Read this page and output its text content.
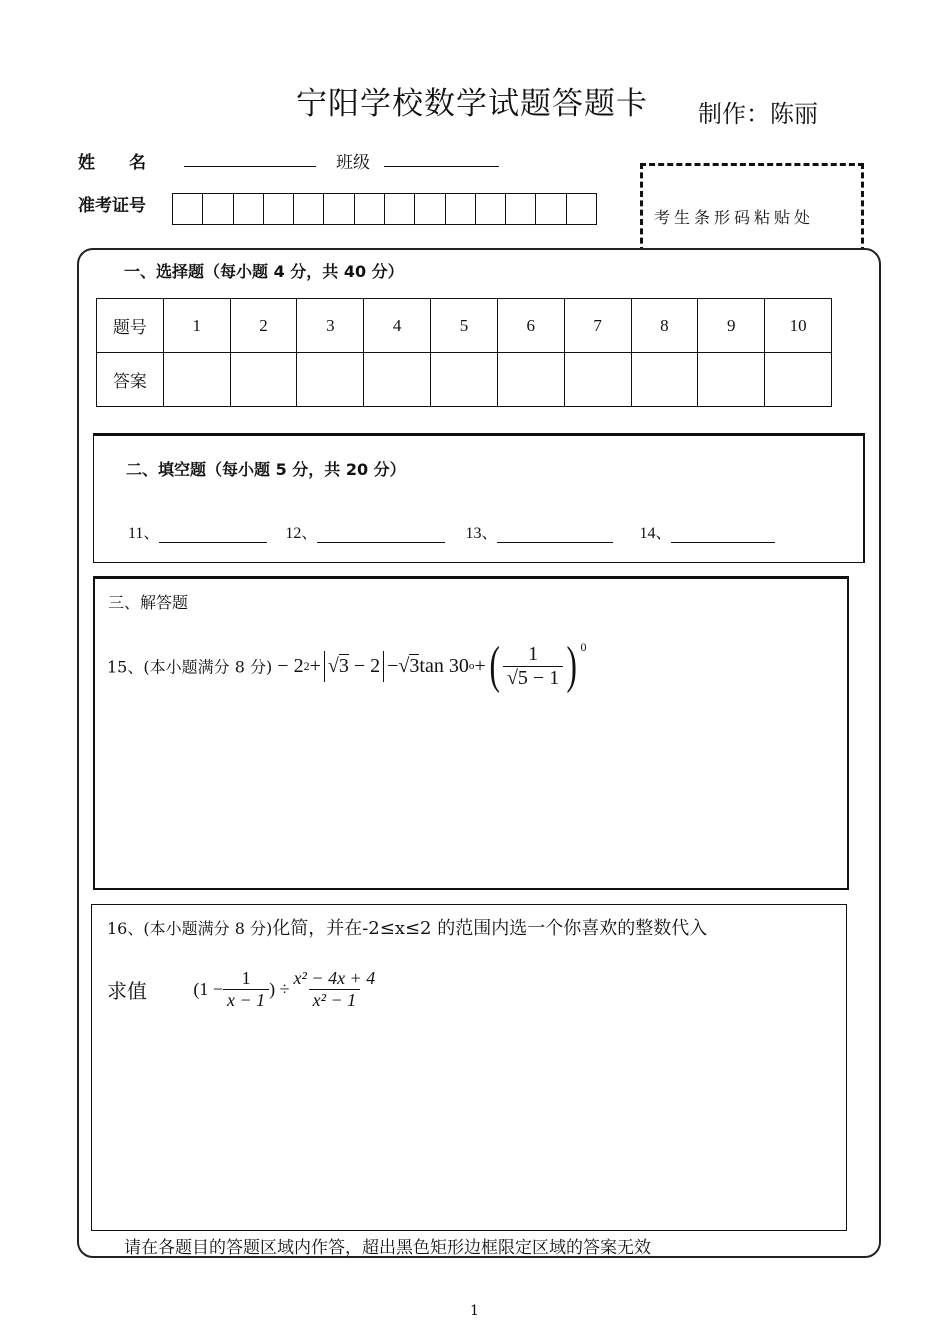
宁阳学校数学试题答题卡 制作：陈丽
姓　　名	班级
准考证号
考生条形码粘贴处
一、选择题（每小题 4 分，共 40 分）
题号	1	2	3	4	5	6	7	8	9	10
答案										
二、填空题（每小题 5 分，共 20 分）
11、	12、	13、	14、
三、解答题
15、(本小题满分 8 分) − 2 2 + √3 − 2 − √ 3 tan 30 o + (	1
√5 − 1 ) $^0$
16、(本小题满分 8 分)化简，并在-2≤x≤2 的范围内选一个你喜欢的整数代入
求值	($1 - \frac{1}{x - 1}$ ) ÷ $\frac{\text{x² − 4x + 4}}{\text{x² − 1}}$
请在各题目的答题区域内作答，超出黑色矩形边框限定区域的答案无效
1
